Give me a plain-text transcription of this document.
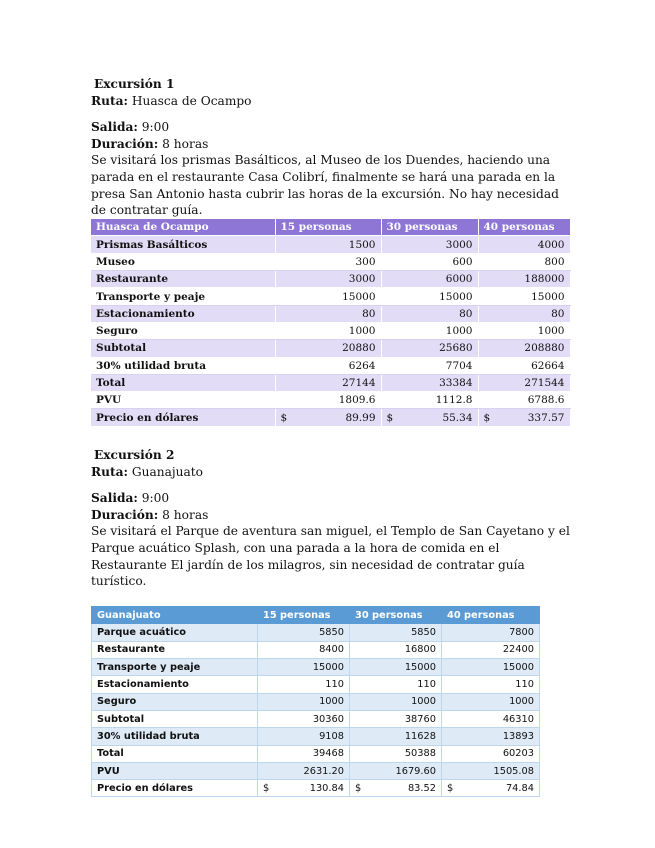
Excursión 1
Ruta: Huasca de Ocampo
Salida: 9:00
Duración: 8 horas
Se visitará los prismas Basálticos, al Museo de los Duendes, haciendo una parada en el restaurante Casa Colibrí, finalmente se hará una parada en la presa San Antonio hasta cubrir las horas de la excursión. No hay necesidad de contratar guía.
Huasca de Ocampo	15 personas	30 personas	40 personas
Prismas Basálticos	1500	3000	4000
Museo	300	600	800
Restaurante	3000	6000	188000
Transporte y peaje	15000	15000	15000
Estacionamiento	80	80	80
Seguro	1000	1000	1000
Subtotal	20880	25680	208880
30% utilidad bruta	6264	7704	62664
Total	27144	33384	271544
PVU	1809.6	1112.8	6788.6
Precio en dólares	$ 89.99	$ 55.34	$ 337.57
Excursión 2
Ruta: Guanajuato
Salida: 9:00
Duración: 8 horas
Se visitará el Parque de aventura san miguel, el Templo de San Cayetano y el Parque acuático Splash, con una parada a la hora de comida en el Restaurante El jardín de los milagros, sin necesidad de contratar guía turístico.
Guanajuato	15 personas	30 personas	40 personas
Parque acuático	5850	5850	7800
Restaurante	8400	16800	22400
Transporte y peaje	15000	15000	15000
Estacionamiento	110	110	110
Seguro	1000	1000	1000
Subtotal	30360	38760	46310
30% utilidad bruta	9108	11628	13893
Total	39468	50388	60203
PVU	2631.20	1679.60	1505.08
Precio en dólares	$ 130.84	$ 83.52	$ 74.84
